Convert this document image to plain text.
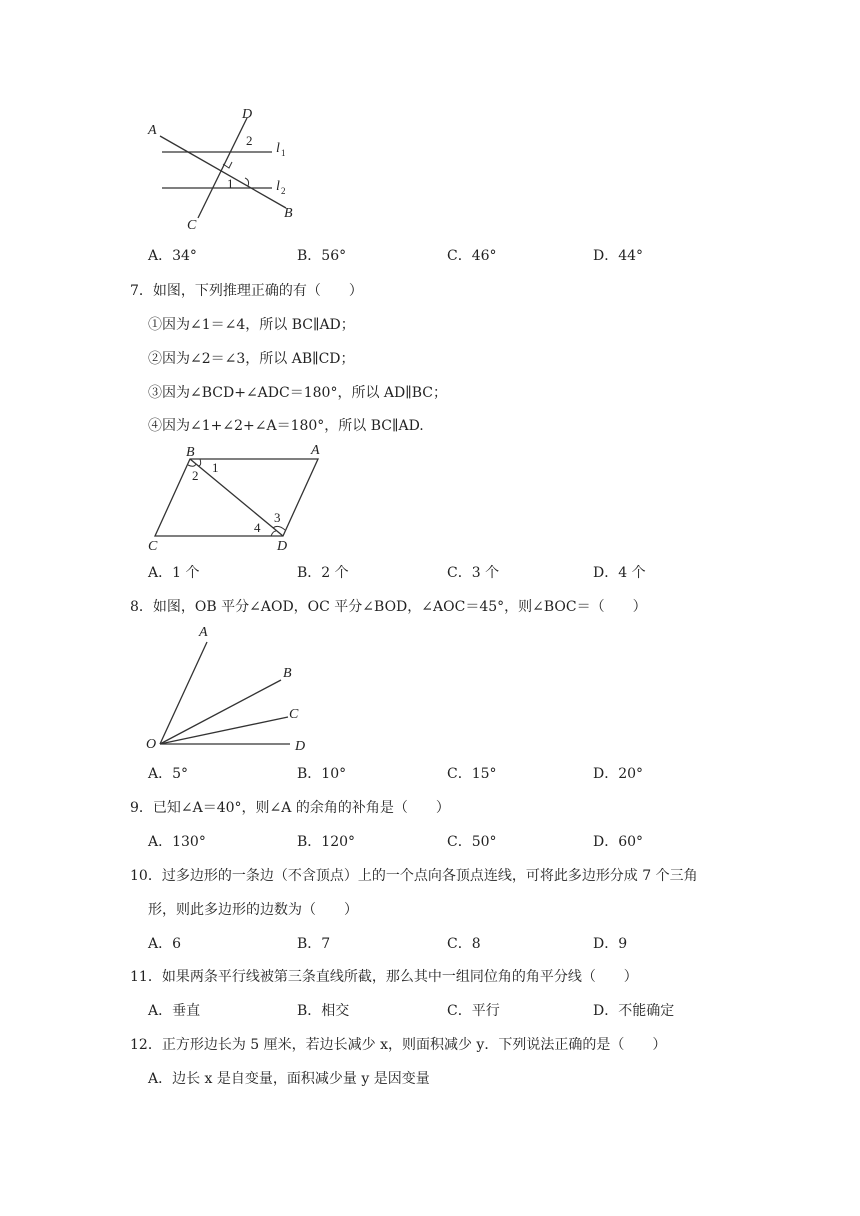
A
D
2
l 1
1	l 2
B
C
A．34°	B．56°	C．46°	D．44°
7．如图，下列推理正确的有（　　）
①因为∠1＝∠4，所以 BC∥AD；
②因为∠2＝∠3，所以 AB∥CD；
③因为∠BCD+∠ADC＝180°，所以 AD∥BC；
④因为∠1+∠2+∠A＝180°，所以 BC∥AD.
B	A
1
2
3
4
C	D
A．1 个	B．2 个	C．3 个	D．4 个
8．如图，OB 平分∠AOD，OC 平分∠BOD，∠AOC＝45°，则∠BOC＝（　　）
A
B
C
O	D
A．5°	B．10°	C．15°	D．20°
9．已知∠A＝40°，则∠A 的余角的补角是（　　）
A．130°	B．120°	C．50°	D．60°
10．过多边形的一条边（不含顶点）上的一个点向各顶点连线，可将此多边形分成 7 个三角
形，则此多边形的边数为（　　）
A．6	B．7	C．8	D．9
11．如果两条平行线被第三条直线所截，那么其中一组同位角的角平分线（　　）
A．垂直	B．相交	C．平行	D．不能确定
12．正方形边长为 5 厘米，若边长减少 x，则面积减少 y．下列说法正确的是（　　）
A．边长 x 是自变量，面积减少量 y 是因变量
